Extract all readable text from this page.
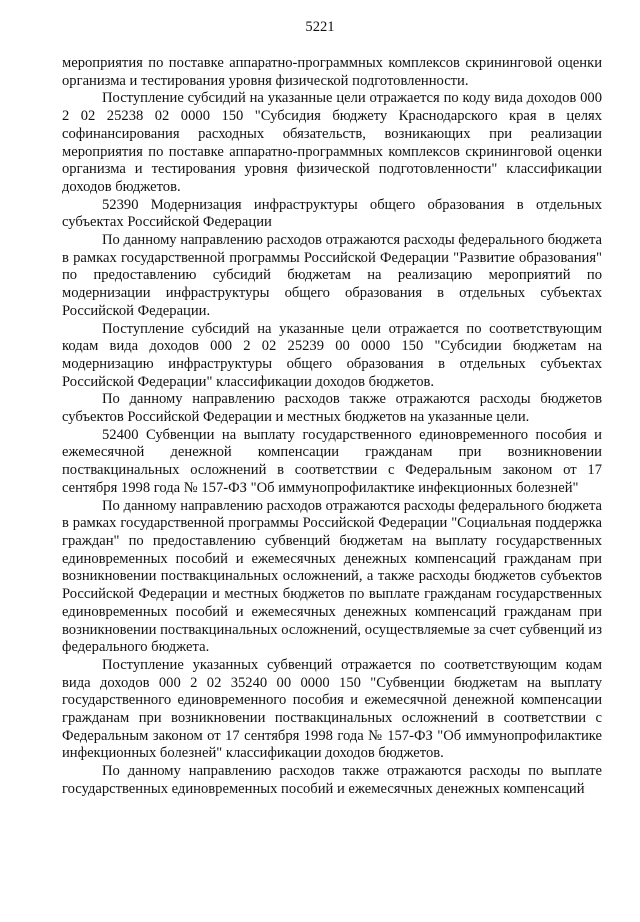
5221

мероприятия по поставке аппаратно-программных комплексов скрининговой оценки организма и тестирования уровня физической подготовленности.

Поступление субсидий на указанные цели отражается по коду вида доходов 000 2 02 25238 02 0000 150 "Субсидия бюджету Краснодарского края в целях софинансирования расходных обязательств, возникающих при реализации мероприятия по поставке аппаратно-программных комплексов скрининговой оценки организма и тестирования уровня физической подготовленности" классификации доходов бюджетов.

52390 Модернизация инфраструктуры общего образования в отдельных субъектах Российской Федерации

По данному направлению расходов отражаются расходы федерального бюджета в рамках государственной программы Российской Федерации "Развитие образования" по предоставлению субсидий бюджетам на реализацию мероприятий по модернизации инфраструктуры общего образования в отдельных субъектах Российской Федерации.

Поступление субсидий на указанные цели отражается по соответствующим кодам вида доходов 000 2 02 25239 00 0000 150 "Субсидии бюджетам на модернизацию инфраструктуры общего образования в отдельных субъектах Российской Федерации" классификации доходов бюджетов.

По данному направлению расходов также отражаются расходы бюджетов субъектов Российской Федерации и местных бюджетов на указанные цели.

52400 Субвенции на выплату государственного единовременного пособия и ежемесячной денежной компенсации гражданам при возникновении поствакцинальных осложнений в соответствии с Федеральным законом от 17 сентября 1998 года № 157-ФЗ "Об иммунопрофилактике инфекционных болезней"

По данному направлению расходов отражаются расходы федерального бюджета в рамках государственной программы Российской Федерации "Социальная поддержка граждан" по предоставлению субвенций бюджетам на выплату государственных единовременных пособий и ежемесячных денежных компенсаций гражданам при возникновении поствакцинальных осложнений, а также расходы бюджетов субъектов Российской Федерации и местных бюджетов по выплате гражданам государственных единовременных пособий и ежемесячных денежных компенсаций гражданам при возникновении поствакцинальных осложнений, осуществляемые за счет субвенций из федерального бюджета.

Поступление указанных субвенций отражается по соответствующим кодам вида доходов 000 2 02 35240 00 0000 150 "Субвенции бюджетам на выплату государственного единовременного пособия и ежемесячной денежной компенсации гражданам при возникновении поствакцинальных осложнений в соответствии с Федеральным законом от 17 сентября 1998 года № 157-ФЗ "Об иммунопрофилактике инфекционных болезней" классификации доходов бюджетов.

По данному направлению расходов также отражаются расходы по выплате государственных единовременных пособий и ежемесячных денежных компенсаций
